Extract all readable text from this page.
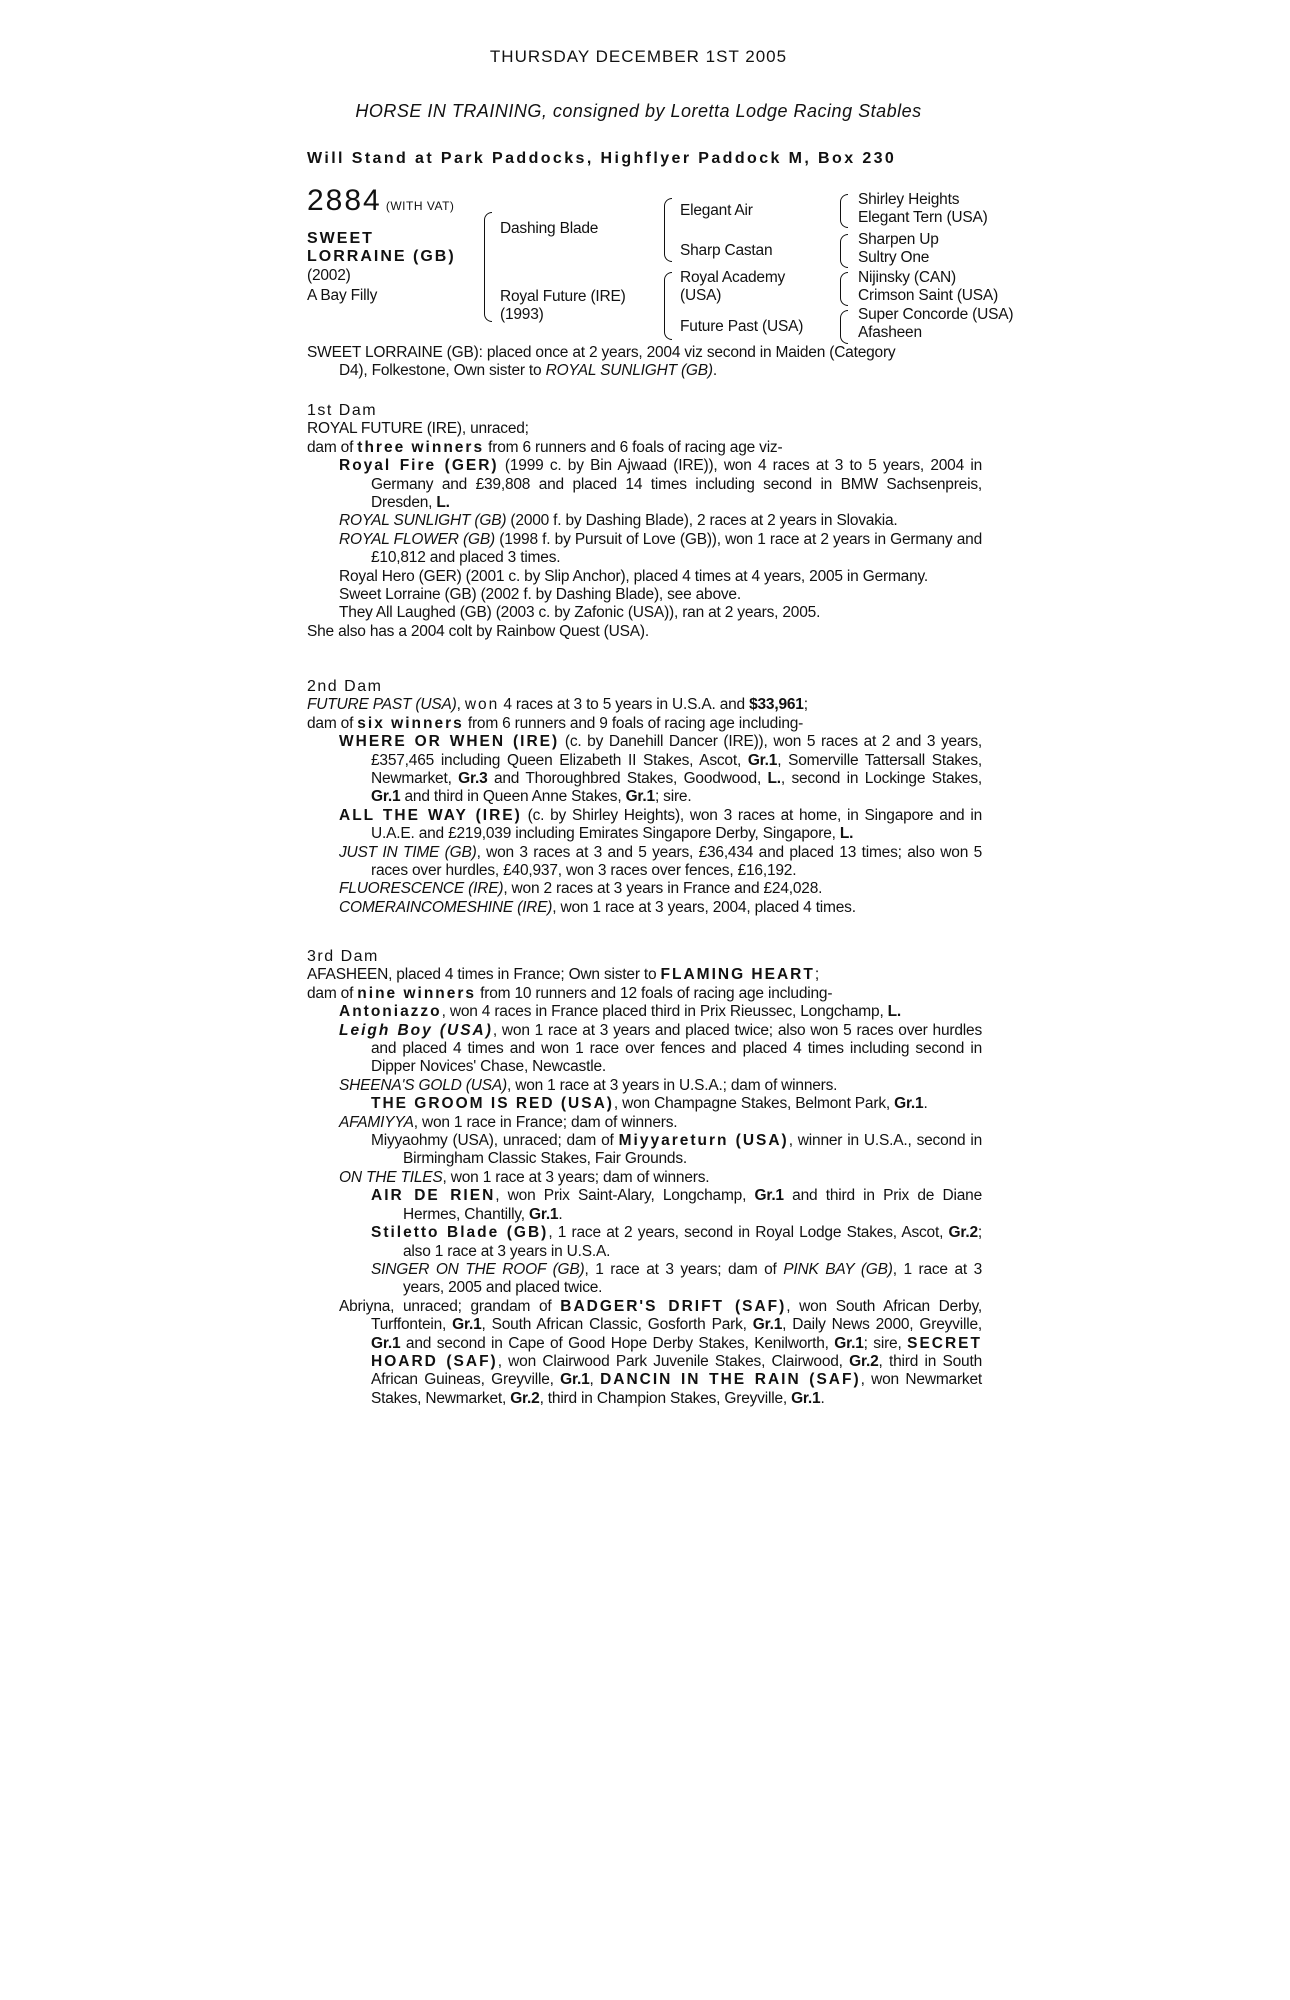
THURSDAY DECEMBER 1ST 2005
HORSE IN TRAINING, consigned by Loretta Lodge Racing Stables
Will Stand at Park Paddocks, Highflyer Paddock M, Box 230
2884 (WITH VAT)
SWEET LORRAINE (GB)
(2002)
A Bay Filly
Dashing Blade
Royal Future (IRE)
(1993)
Elegant Air
Sharp Castan
Royal Academy
(USA)
Future Past (USA)
Shirley Heights
Elegant Tern (USA)
Sharpen Up
Sultry One
Nijinsky (CAN)
Crimson Saint (USA)
Super Concorde (USA)
Afasheen

SWEET LORRAINE (GB): placed once at 2 years, 2004 viz second in Maiden (Category

D4), Folkestone, Own sister to ROYAL SUNLIGHT (GB).

1st Dam

ROYAL FUTURE (IRE), unraced;

dam of three winners from 6 runners and 6 foals of racing age viz-

Royal Fire (GER) (1999 c. by Bin Ajwaad (IRE)), won 4 races at 3 to 5 years, 2004 in Germany and £39,808 and placed 14 times including second in BMW Sachsenpreis, Dresden, L.

ROYAL SUNLIGHT (GB) (2000 f. by Dashing Blade), 2 races at 2 years in Slovakia.

ROYAL FLOWER (GB) (1998 f. by Pursuit of Love (GB)), won 1 race at 2 years in Germany and £10,812 and placed 3 times.

Royal Hero (GER) (2001 c. by Slip Anchor), placed 4 times at 4 years, 2005 in Germany.

Sweet Lorraine (GB) (2002 f. by Dashing Blade), see above.

They All Laughed (GB) (2003 c. by Zafonic (USA)), ran at 2 years, 2005.

She also has a 2004 colt by Rainbow Quest (USA).

2nd Dam

FUTURE PAST (USA), won 4 races at 3 to 5 years in U.S.A. and $33,961;

dam of six winners from 6 runners and 9 foals of racing age including-

WHERE OR WHEN (IRE) (c. by Danehill Dancer (IRE)), won 5 races at 2 and 3 years, £357,465 including Queen Elizabeth II Stakes, Ascot, Gr.1, Somerville Tattersall Stakes, Newmarket, Gr.3 and Thoroughbred Stakes, Goodwood, L., second in Lockinge Stakes, Gr.1 and third in Queen Anne Stakes, Gr.1; sire.

ALL THE WAY (IRE) (c. by Shirley Heights), won 3 races at home, in Singapore and in U.A.E. and £219,039 including Emirates Singapore Derby, Singapore, L.

JUST IN TIME (GB), won 3 races at 3 and 5 years, £36,434 and placed 13 times; also won 5 races over hurdles, £40,937, won 3 races over fences, £16,192.

FLUORESCENCE (IRE), won 2 races at 3 years in France and £24,028.

COMERAINCOMESHINE (IRE), won 1 race at 3 years, 2004, placed 4 times.

3rd Dam

AFASHEEN, placed 4 times in France; Own sister to FLAMING HEART;

dam of nine winners from 10 runners and 12 foals of racing age including-

Antoniazzo, won 4 races in France placed third in Prix Rieussec, Longchamp, L.

Leigh Boy (USA), won 1 race at 3 years and placed twice; also won 5 races over hurdles and placed 4 times and won 1 race over fences and placed 4 times including second in Dipper Novices' Chase, Newcastle.

SHEENA'S GOLD (USA), won 1 race at 3 years in U.S.A.; dam of winners.

THE GROOM IS RED (USA), won Champagne Stakes, Belmont Park, Gr.1.

AFAMIYYA, won 1 race in France; dam of winners.

Miyyaohmy (USA), unraced; dam of Miyyareturn (USA), winner in U.S.A., second in Birmingham Classic Stakes, Fair Grounds.

ON THE TILES, won 1 race at 3 years; dam of winners.

AIR DE RIEN, won Prix Saint-Alary, Longchamp, Gr.1 and third in Prix de Diane Hermes, Chantilly, Gr.1.

Stiletto Blade (GB), 1 race at 2 years, second in Royal Lodge Stakes, Ascot, Gr.2; also 1 race at 3 years in U.S.A.

SINGER ON THE ROOF (GB), 1 race at 3 years; dam of PINK BAY (GB), 1 race at 3 years, 2005 and placed twice.

Abriyna, unraced; grandam of BADGER'S DRIFT (SAF), won South African Derby, Turffontein, Gr.1, South African Classic, Gosforth Park, Gr.1, Daily News 2000, Greyville, Gr.1 and second in Cape of Good Hope Derby Stakes, Kenilworth, Gr.1; sire, SECRET HOARD (SAF), won Clairwood Park Juvenile Stakes, Clairwood, Gr.2, third in South African Guineas, Greyville, Gr.1, DANCIN IN THE RAIN (SAF), won Newmarket Stakes, Newmarket, Gr.2, third in Champion Stakes, Greyville, Gr.1.
